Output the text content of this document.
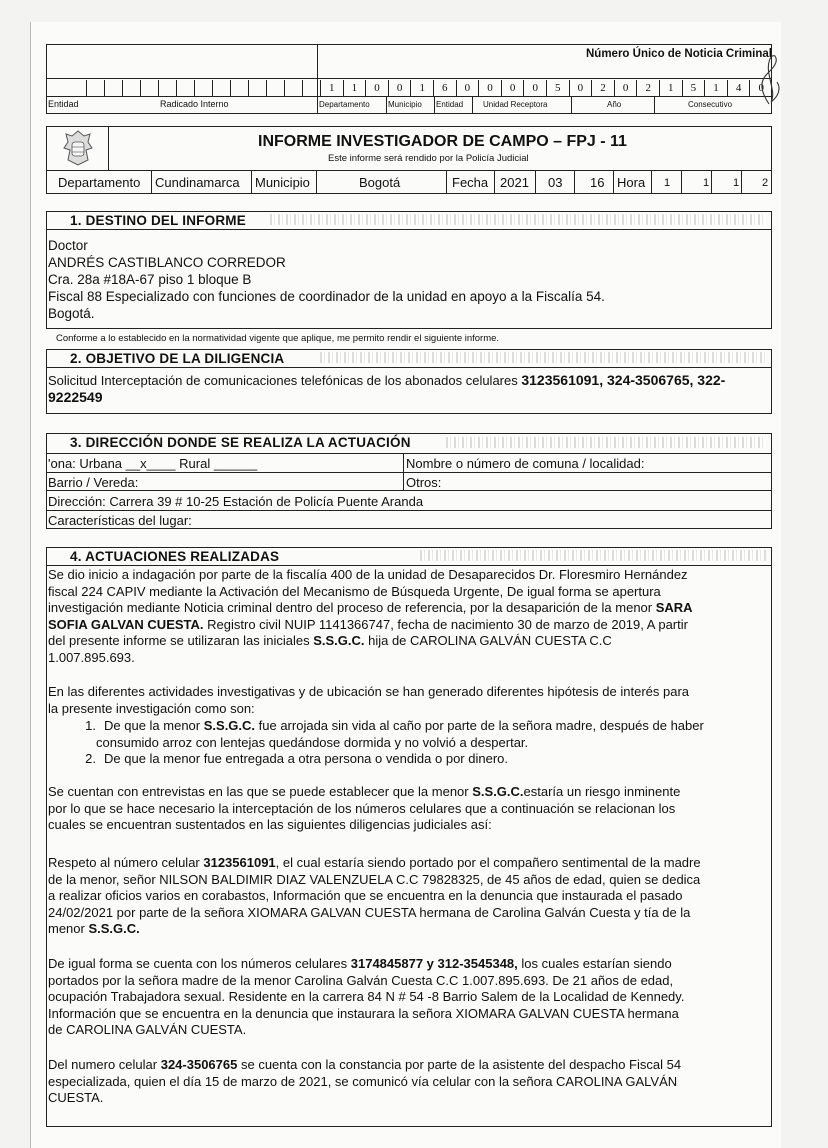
Número Único de Noticia Criminal
1	1	0	0	1	6	0	0	0	0	5	0	2	0	2	1	5	1	4	0
Entidad	Radicado Interno	Departamento Municipio Entidad Unidad Receptora	Año	Consecutivo
INFORME INVESTIGADOR DE CAMPO – FPJ - 11
Este informe será rendido por la Policía Judicial
Departamento Cundinamarca Municipio	Bogotá	Fecha 2021 03 16 Hora 1	1 1 2
1. DESTINO DEL INFORME
Doctor
ANDRÉS CASTIBLANCO CORREDOR
Cra. 28a #18A-67 piso 1 bloque B
Fiscal 88 Especializado con funciones de coordinador de la unidad en apoyo a la Fiscalía 54.
Bogotá.
Conforme a lo establecido en la normatividad vigente que aplique, me permito rendir el siguiente informe.
2. OBJETIVO DE LA DILIGENCIA
Solicitud Interceptación de comunicaciones telefónicas de los abonados celulares 3123561091, 324-3506765, 322-
9222549
3. DIRECCIÓN DONDE SE REALIZA LA ACTUACIÓN
'ona: Urbana __x____ Rural ______	Nombre o número de comuna / localidad:
Barrio / Vereda:	Otros:
Dirección: Carrera 39 # 10-25 Estación de Policía Puente Aranda
Características del lugar:
4. ACTUACIONES REALIZADAS
Se dio inicio a indagación por parte de la fiscalía 400 de la unidad de Desaparecidos Dr. Floresmiro Hernández
fiscal 224 CAPIV mediante la Activación del Mecanismo de Búsqueda Urgente, De igual forma se apertura
investigación mediante Noticia criminal dentro del proceso de referencia, por la desaparición de la menor SARA
SOFIA GALVAN CUESTA. Registro civil NUIP 1141366747, fecha de nacimiento 30 de marzo de 2019, A partir
del presente informe se utilizaran las iniciales S.S.G.C. hija de CAROLINA GALVÁN CUESTA C.C
1.007.895.693.
En las diferentes actividades investigativas y de ubicación se han generado diferentes hipótesis de interés para
la presente investigación como son:
1. De que la menor S.S.G.C. fue arrojada sin vida al caño por parte de la señora madre, después de haber
consumido arroz con lentejas quedándose dormida y no volvió a despertar.
2. De que la menor fue entregada a otra persona o vendida o por dinero.
Se cuentan con entrevistas en las que se puede establecer que la menor S.S.G.C.estaría un riesgo inminente
por lo que se hace necesario la interceptación de los números celulares que a continuación se relacionan los
cuales se encuentran sustentados en las siguientes diligencias judiciales así:
Respeto al número celular 3123561091, el cual estaría siendo portado por el compañero sentimental de la madre
de la menor, señor NILSON BALDIMIR DIAZ VALENZUELA C.C 79828325, de 45 años de edad, quien se dedica
a realizar oficios varios en corabastos, Información que se encuentra en la denuncia que instaurada el pasado
24/02/2021 por parte de la señora XIOMARA GALVAN CUESTA hermana de Carolina Galván Cuesta y tía de la
menor S.S.G.C.
De igual forma se cuenta con los números celulares 3174845877 y 312-3545348, los cuales estarían siendo
portados por la señora madre de la menor Carolina Galván Cuesta C.C 1.007.895.693. De 21 años de edad,
ocupación Trabajadora sexual. Residente en la carrera 84 N # 54 -8 Barrio Salem de la Localidad de Kennedy.
Información que se encuentra en la denuncia que instaurara la señora XIOMARA GALVAN CUESTA hermana
de CAROLINA GALVÁN CUESTA.
Del numero celular 324-3506765 se cuenta con la constancia por parte de la asistente del despacho Fiscal 54
especializada, quien el día 15 de marzo de 2021, se comunicó vía celular con la señora CAROLINA GALVÁN
CUESTA.
